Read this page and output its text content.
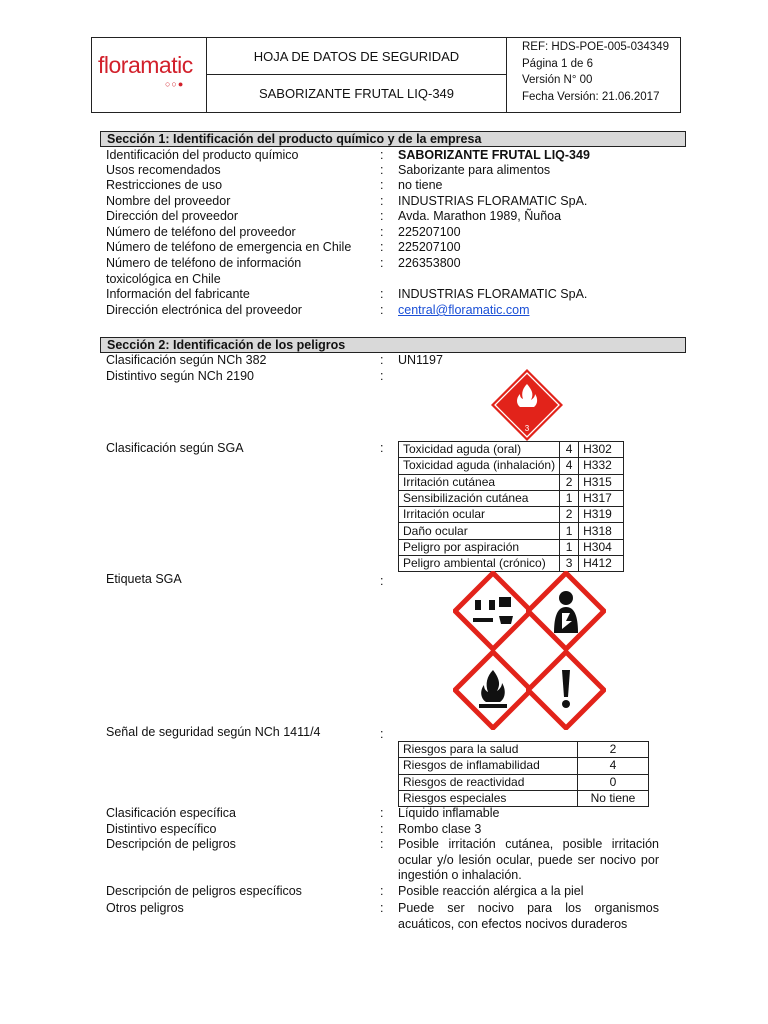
floramatic
○○●
HOJA DE DATOS DE SEGURIDAD
SABORIZANTE FRUTAL LIQ-349
REF: HDS-POE-005-034349
Página 1 de 6
Versión N° 00
Fecha Versión: 21.06.2017
Sección 1: Identificación del producto químico y de la empresa
Identificación del producto químico	: SABORIZANTE FRUTAL LIQ-349
Usos recomendados	: Saborizante para alimentos
Restricciones de uso	: no tiene
Nombre del proveedor	: INDUSTRIAS FLORAMATIC SpA.
Dirección del proveedor	: Avda. Marathon 1989, Ñuñoa
Número de teléfono del proveedor	: 225207100
Número de teléfono de emergencia en Chile : 225207100
Número de teléfono de información toxicológica en Chile
: 226353800
Información del fabricante	: INDUSTRIAS FLORAMATIC SpA.
Dirección electrónica del proveedor	: central@floramatic.com
Sección 2: Identificación de los peligros
Clasificación según NCh 382	: UN1197
Distintivo según NCh 2190	:
3
Clasificación según SGA	: Toxicidad aguda (oral)	4	H302
Toxicidad aguda (inhalación)	4	H332
Irritación cutánea	2	H315
Sensibilización cutánea	1	H317
Irritación ocular	2	H319
Daño ocular	1	H318
Peligro por aspiración	1	H304
Peligro ambiental (crónico)	3	H412
Etiqueta SGA	:
Señal de seguridad según NCh 1411/4	:
Riesgos para la salud	2
Riesgos de inflamabilidad	4
Riesgos de reactividad	0
Riesgos especiales	No tiene
Clasificación específica	: Líquido inflamable
Distintivo específico	: Rombo clase 3
Descripción de peligros	: Posible irritación cutánea, posible irritación ocular y/o lesión ocular, puede ser nocivo por ingestión o inhalación.
Descripción de peligros específicos	: Posible reacción alérgica a la piel
Otros peligros	: Puede ser nocivo para los organismos acuáticos, con efectos nocivos duraderos
